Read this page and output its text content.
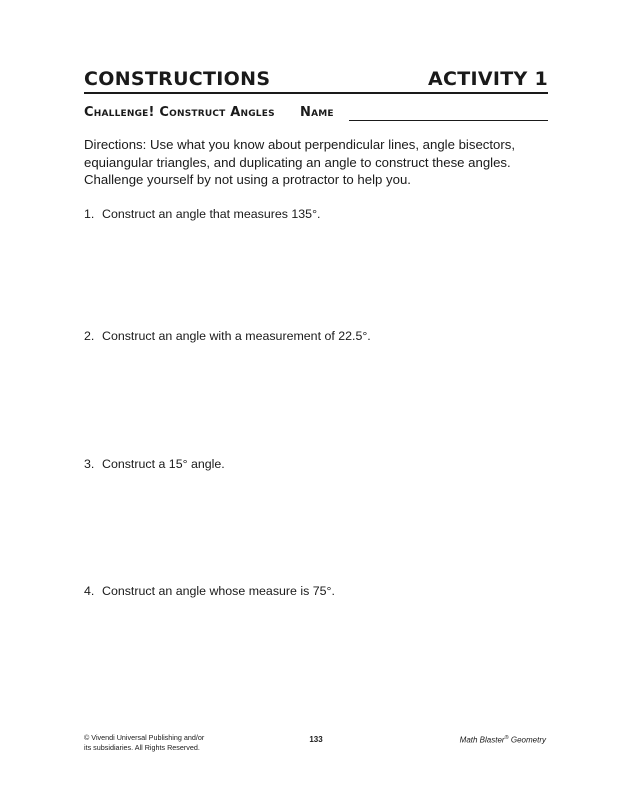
CONSTRUCTIONS	ACTIVITY 1
Challenge! Construct Angles Name
Directions: Use what you know about perpendicular lines, angle bisectors, equiangular triangles, and duplicating an angle to construct these angles. Challenge yourself by not using a protractor to help you.
1. Construct an angle that measures 135°.
2. Construct an angle with a measurement of 22.5°.
3. Construct a 15° angle.
4. Construct an angle whose measure is 75°.
© Vivendi Universal Publishing and/or
its subsidiaries. All Rights Reserved.
133	Math Blaster® Geometry
